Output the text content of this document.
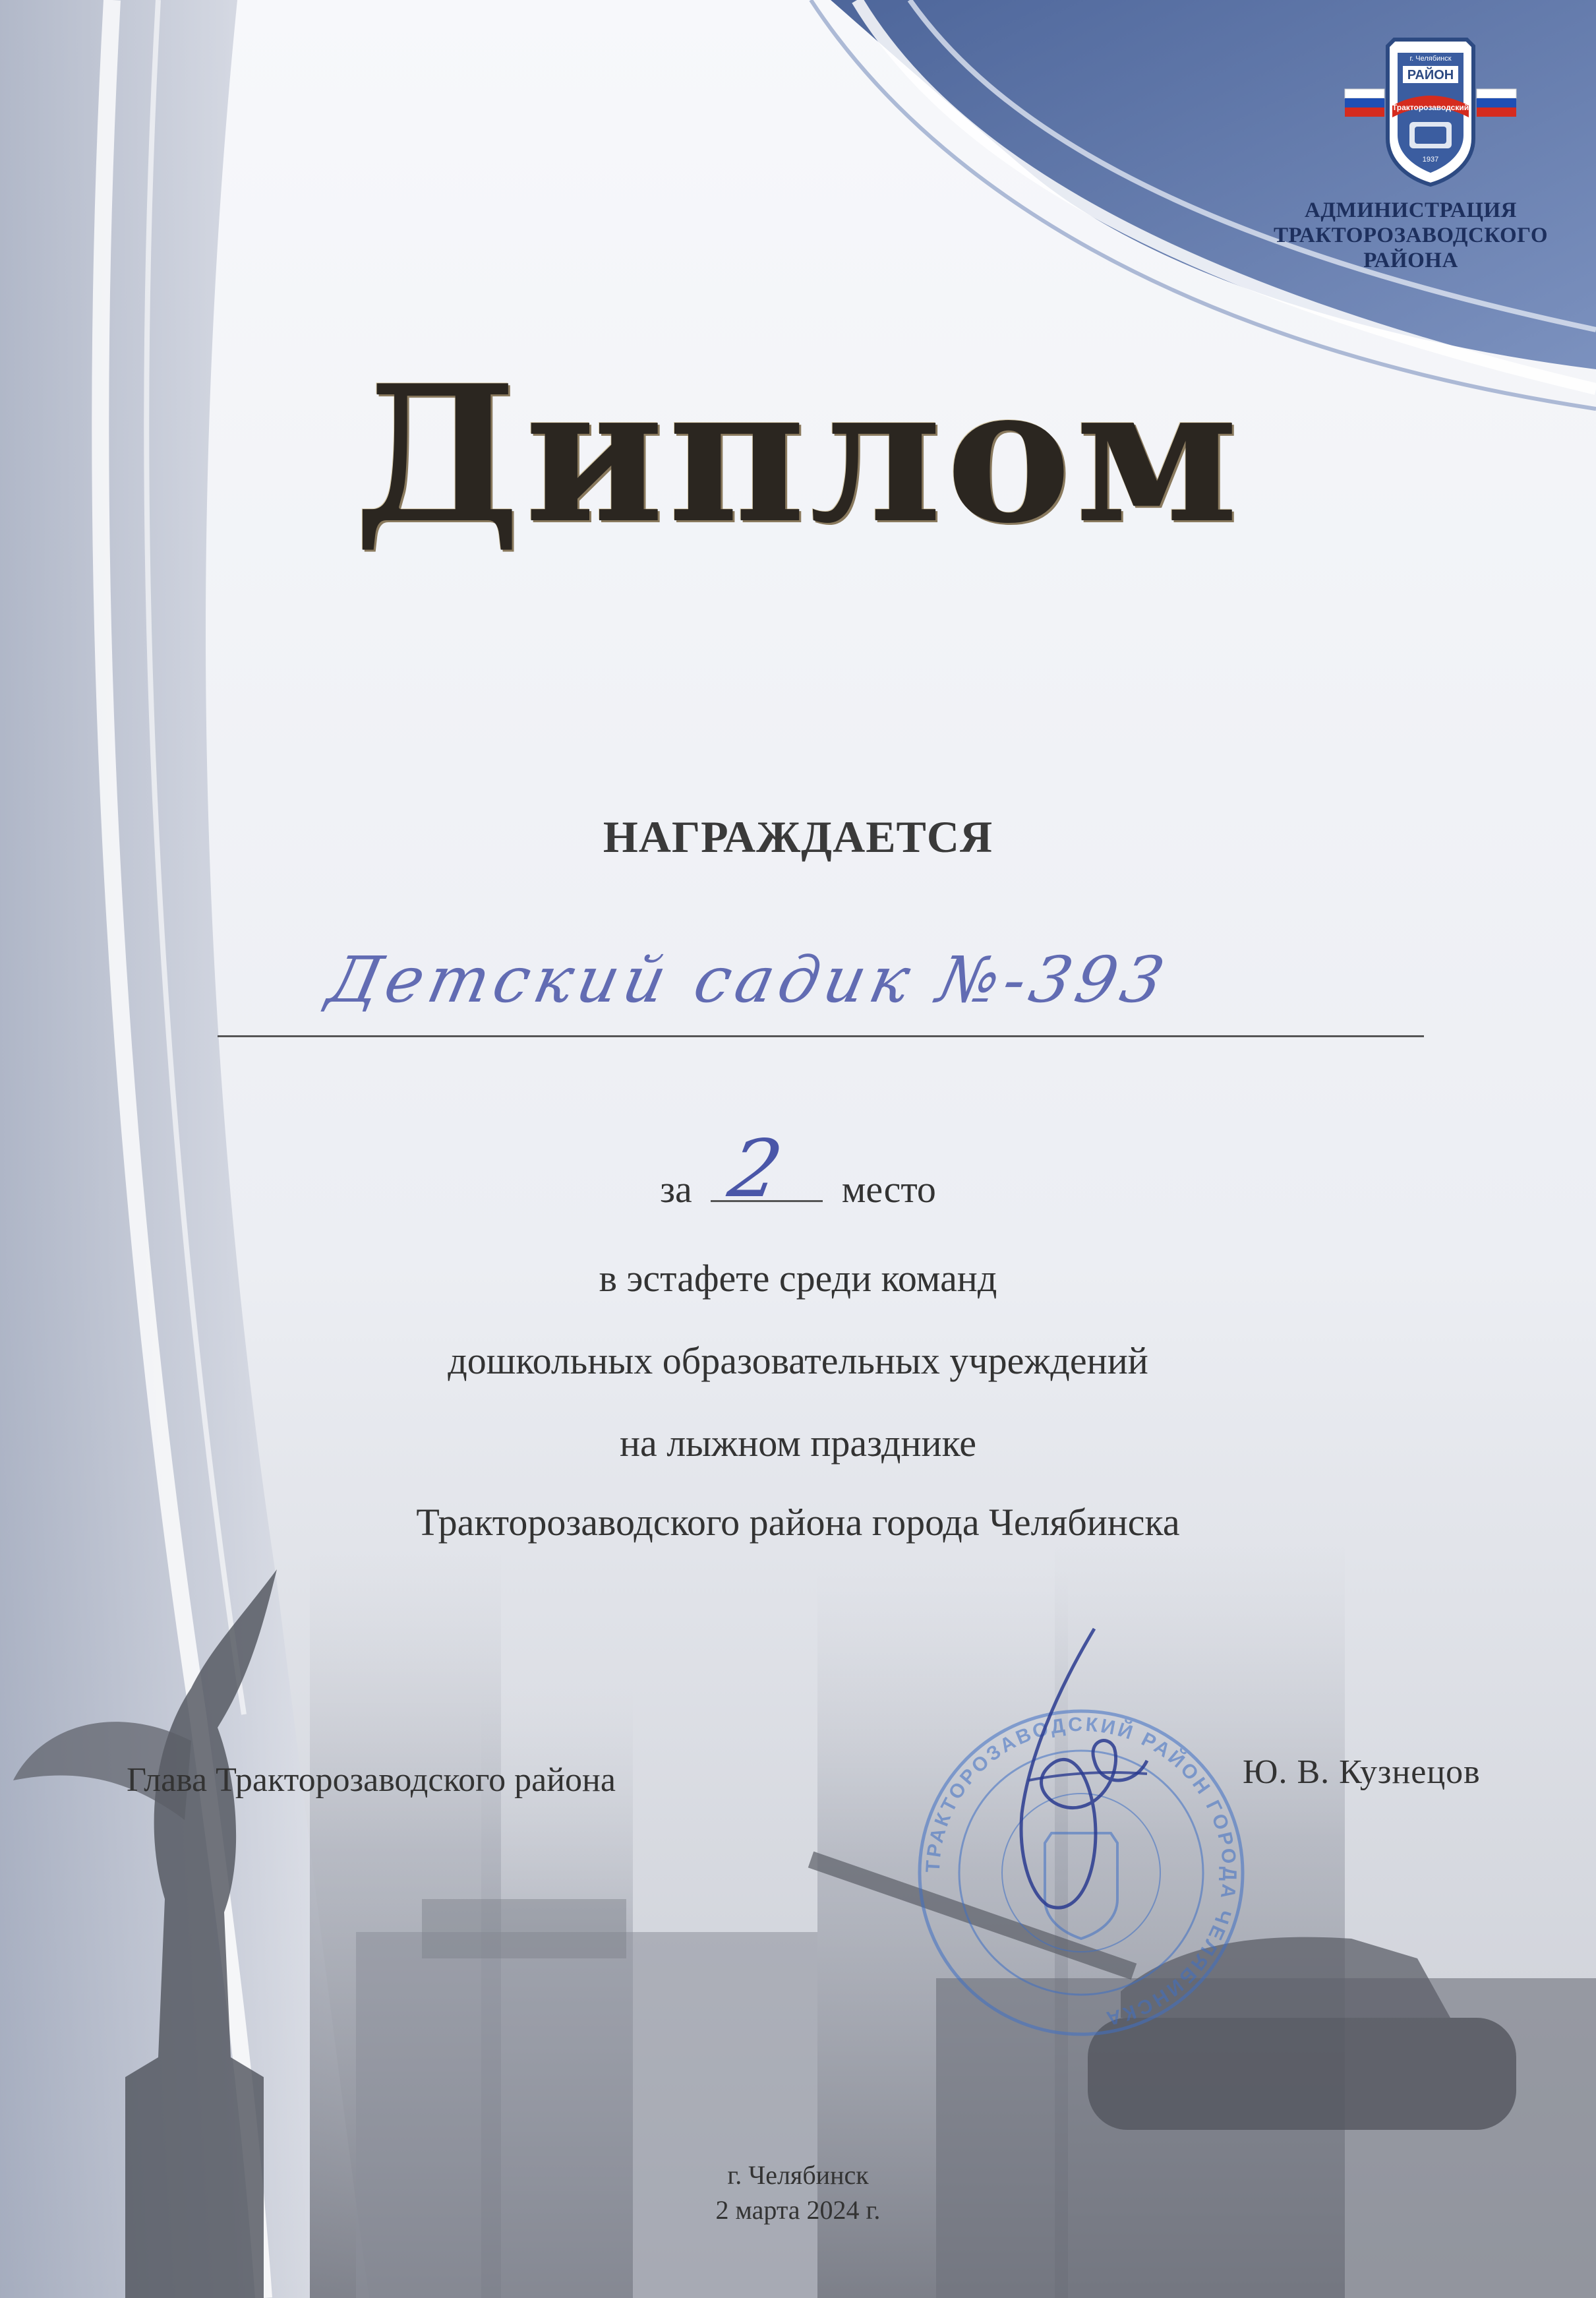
РАЙОН
г. Челябинск
Тракторозаводский
1937
АДМИНИСТРАЦИЯ
ТРАКТОРОЗАВОДСКОГО
РАЙОНА
Диплом
НАГРАЖДАЕТСЯ
Детский садик №-393
за 2 место
в эстафете среди команд
дошкольных образовательных учреждений
на лыжном празднике
Тракторозаводского района города Челябинска
Глава Тракторозаводского района	Ю. В. Кузнецов
ТРАКТОРОЗАВОДСКИЙ РАЙОН ГОРОДА ЧЕЛЯБИНСКА
г. Челябинск
2 марта 2024 г.
